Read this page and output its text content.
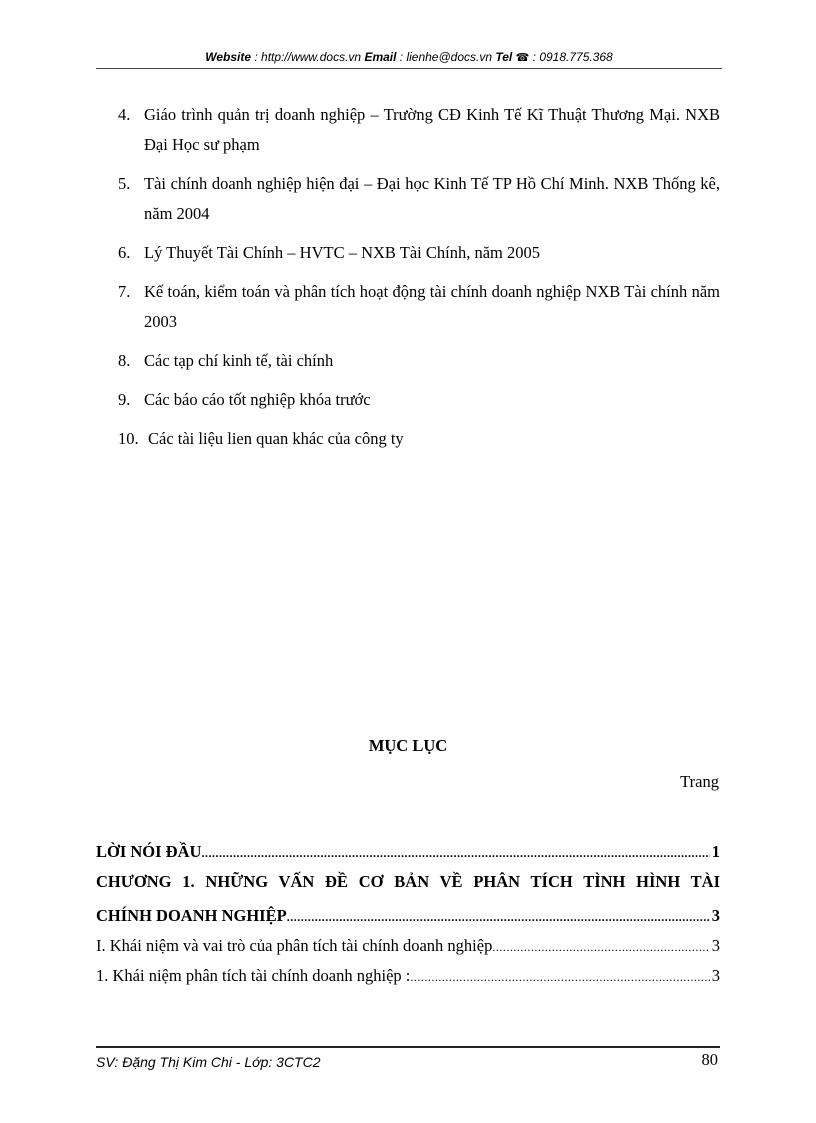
Website : http://www.docs.vn Email : lienhe@docs.vn Tel ☎ : 0918.775.368
4. Giáo trình quản trị doanh nghiệp – Trường CĐ Kinh Tế Kĩ Thuật Thương Mại. NXB Đại Học sư phạm
5. Tài chính doanh nghiệp hiện đại – Đại học Kinh Tế TP Hồ Chí Minh. NXB Thống kê, năm 2004
6. Lý Thuyết Tài Chính – HVTC – NXB Tài Chính, năm 2005
7. Kế toán, kiểm toán và phân tích hoạt động tài chính doanh nghiệp NXB Tài chính năm 2003
8. Các tạp chí kinh tế, tài chính
9. Các báo cáo tốt nghiệp khóa trước
10. Các tài liệu lien quan khác của công ty
MỤC LỤC
Trang
LỜI NÓI ĐẦU .....	1
CHƯƠNG 1. NHỮNG VẤN ĐỀ CƠ BẢN VỀ PHÂN TÍCH TÌNH HÌNH TÀI
CHÍNH DOANH NGHIỆP .....	3
I. Khái niệm và vai trò của phân tích tài chính doanh nghiệp .....	3
1. Khái niệm phân tích tài chính doanh nghiệp : .....	3
SV: Đặng Thị Kim Chi - Lớp: 3CTC2	80
